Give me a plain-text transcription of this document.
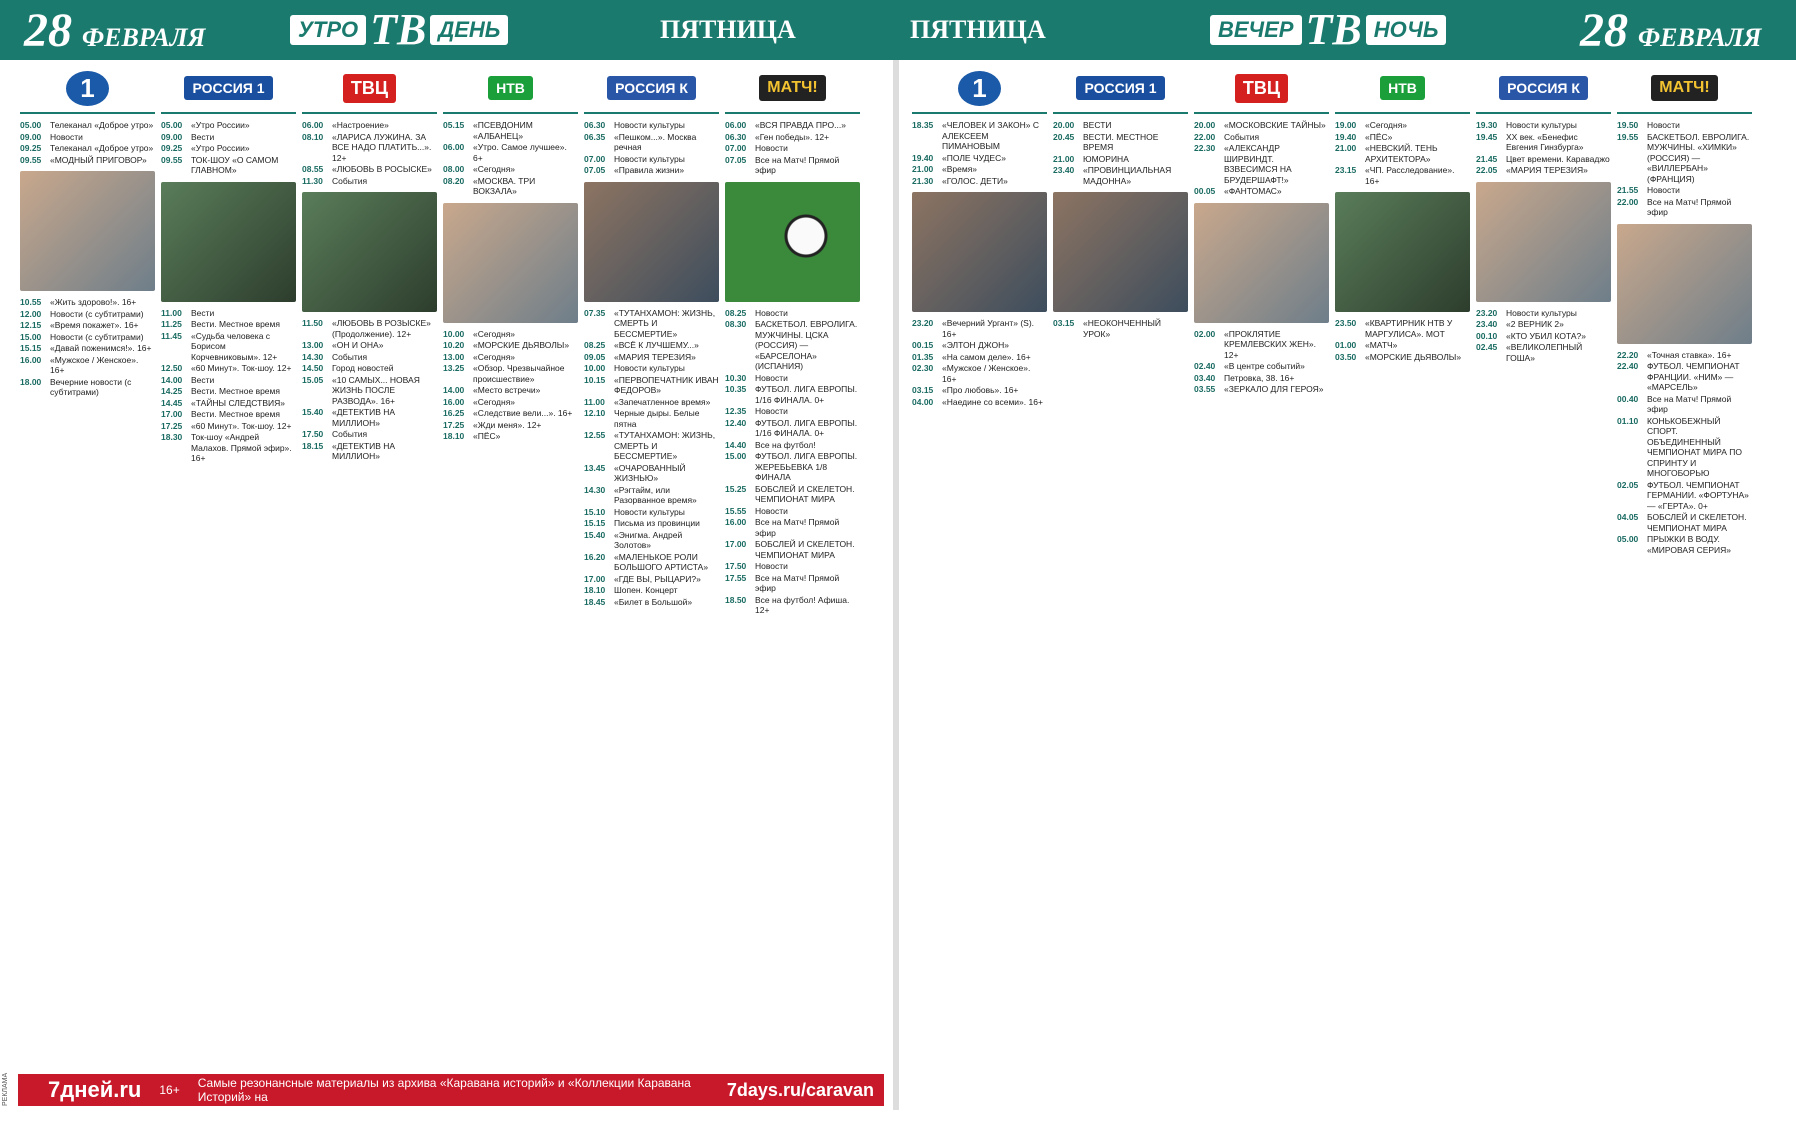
28 ФЕВРАЛЯ	УТРО ТВ ДЕНЬ	ПЯТНИЦА	ПЯТНИЦА	ВЕЧЕР ТВ НОЧЬ	28 ФЕВРАЛЯ
1
05.00	Телеканал «Доброе утро»
09.00	Новости
09.25	Телеканал «Доброе утро»
09.55	«МОДНЫЙ ПРИГОВОР»
10.55	«Жить здорово!». 16+
12.00	Новости (с субтитрами)
12.15	«Время покажет». 16+
15.00	Новости (с субтитрами)
15.15	«Давай поженимся!». 16+
16.00	«Мужское / Женское». 16+
18.00	Вечерние новости (с субтитрами)
РОССИЯ 1
05.00	«Утро России»
09.00	Вести
09.25	«Утро России»
09.55	ТОК-ШОУ «О САМОМ ГЛАВНОМ»
11.00	Вести
11.25	Вести. Местное время
11.45	«Судьба человека с Борисом Корчевниковым». 12+
12.50	«60 Минут». Ток-шоу. 12+
14.00	Вести
14.25	Вести. Местное время
14.45	«ТАЙНЫ СЛЕДСТВИЯ»
17.00	Вести. Местное время
17.25	«60 Минут». Ток-шоу. 12+
18.30	Ток-шоу «Андрей Малахов. Прямой эфир». 16+
ТВЦ
06.00	«Настроение»
08.10	«ЛАРИСА ЛУЖИНА. ЗА ВСЕ НАДО ПЛАТИТЬ...». 12+
08.55	«ЛЮБОВЬ В РОСЫСКЕ»
11.30	События
11.50	«ЛЮБОВЬ В РОЗЫСКЕ» (Продолжение). 12+
13.00	«ОН И ОНА»
14.30	События
14.50	Город новостей
15.05	«10 САМЫХ... НОВАЯ ЖИЗНЬ ПОСЛЕ РАЗВОДА». 16+
15.40	«ДЕТЕКТИВ НА МИЛЛИОН»
17.50	События
18.15	«ДЕТЕКТИВ НА МИЛЛИОН»
НТВ
05.15	«ПСЕВДОНИМ «АЛБАНЕЦ»
06.00	«Утро. Самое лучшее». 6+
08.00	«Сегодня»
08.20	«МОСКВА. ТРИ ВОКЗАЛА»
10.00	«Сегодня»
10.20	«МОРСКИЕ ДЬЯВОЛЫ»
13.00	«Сегодня»
13.25	«Обзор. Чрезвычайное происшествие»
14.00	«Место встречи»
16.00	«Сегодня»
16.25	«Следствие вели...». 16+
17.25	«Жди меня». 12+
18.10	«ПЁС»
РОССИЯ К
06.30	Новости культуры
06.35	«Пешком...». Москва речная
07.00	Новости культуры
07.05	«Правила жизни»
07.35	«ТУТАНХАМОН: ЖИЗНЬ, СМЕРТЬ И БЕССМЕРТИЕ»
08.25	«ВСЁ К ЛУЧШЕМУ...»
09.05	«МАРИЯ ТЕРЕЗИЯ»
10.00	Новости культуры
10.15	«ПЕРВОПЕЧАТНИК ИВАН ФЕДОРОВ»
11.00	«Запечатленное время»
12.10	Черные дыры. Белые пятна
12.55	«ТУТАНХАМОН: ЖИЗНЬ, СМЕРТЬ И БЕССМЕРТИЕ»
13.45	«ОЧАРОВАННЫЙ ЖИЗНЬЮ»
14.30	«Рэгтайм, или Разорванное время»
15.10	Новости культуры
15.15	Письма из провинции
15.40	«Энигма. Андрей Золотов»
16.20	«МАЛЕНЬКОЕ РОЛИ БОЛЬШОГО АРТИСТА»
17.00	«ГДЕ ВЫ, РЫЦАРИ?»
18.10	Шопен. Концерт
18.45	«Билет в Большой»
МАТЧ!
06.00	«ВСЯ ПРАВДА ПРО...»
06.30	«Ген победы». 12+
07.00	Новости
07.05	Все на Матч! Прямой эфир
08.25	Новости
08.30	БАСКЕТБОЛ. ЕВРОЛИГА. МУЖЧИНЫ. ЦСКА (РОССИЯ) — «БАРСЕЛОНА» (ИСПАНИЯ)
10.30	Новости
10.35	ФУТБОЛ. ЛИГА ЕВРОПЫ. 1/16 ФИНАЛА. 0+
12.35	Новости
12.40	ФУТБОЛ. ЛИГА ЕВРОПЫ. 1/16 ФИНАЛА. 0+
14.40	Все на футбол!
15.00	ФУТБОЛ. ЛИГА ЕВРОПЫ. ЖЕРЕБЬЕВКА 1/8 ФИНАЛА
15.25	БОБСЛЕЙ И СКЕЛЕТОН. ЧЕМПИОНАТ МИРА
15.55	Новости
16.00	Все на Матч! Прямой эфир
17.00	БОБСЛЕЙ И СКЕЛЕТОН. ЧЕМПИОНАТ МИРА
17.50	Новости
17.55	Все на Матч! Прямой эфир
18.50	Все на футбол! Афиша. 12+
1
18.35	«ЧЕЛОВЕК И ЗАКОН» С АЛЕКСЕЕМ ПИМАНОВЫМ
19.40	«ПОЛЕ ЧУДЕС»
21.00	«Время»
21.30	«ГОЛОС. ДЕТИ»
23.20	«Вечерний Ургант» (S). 16+
00.15	«ЭЛТОН ДЖОН»
01.35	«На самом деле». 16+
02.30	«Мужское / Женское». 16+
03.15	«Про любовь». 16+
04.00	«Наедине со всеми». 16+
РОССИЯ 1
20.00	ВЕСТИ
20.45	ВЕСТИ. МЕСТНОЕ ВРЕМЯ
21.00	ЮМОРИНА
23.40	«ПРОВИНЦИАЛЬНАЯ МАДОННА»
03.15	«НЕОКОНЧЕННЫЙ УРОК»
ТВЦ
20.00	«МОСКОВСКИЕ ТАЙНЫ»
22.00	События
22.30	«АЛЕКСАНДР ШИРВИНДТ. ВЗВЕСИМСЯ НА БРУДЕРШАФТ!»
00.05	«ФАНТОМАС»
02.00	«ПРОКЛЯТИЕ КРЕМЛЕВСКИХ ЖЕН». 12+
02.40	«В центре событий»
03.40	Петровка, 38. 16+
03.55	«ЗЕРКАЛО ДЛЯ ГЕРОЯ»
НТВ
19.00	«Сегодня»
19.40	«ПЁС»
21.00	«НЕВСКИЙ. ТЕНЬ АРХИТЕКТОРА»
23.15	«ЧП. Расследование». 16+
23.50	«КВАРТИРНИК НТВ У МАРГУЛИСА». МОТ
01.00	«МАТЧ»
03.50	«МОРСКИЕ ДЬЯВОЛЫ»
РОССИЯ К
19.30	Новости культуры
19.45	ХХ век. «Бенефис Евгения Гинзбурга»
21.45	Цвет времени. Караваджо
22.05	«МАРИЯ ТЕРЕЗИЯ»
23.20	Новости культуры
23.40	«2 ВЕРНИК 2»
00.10	«КТО УБИЛ КОТА?»
02.45	«ВЕЛИКОЛЕПНЫЙ ГОША»
МАТЧ!
19.50	Новости
19.55	БАСКЕТБОЛ. ЕВРОЛИГА. МУЖЧИНЫ. «ХИМКИ» (РОССИЯ) — «ВИЛЛЕРБАН» (ФРАНЦИЯ)
21.55	Новости
22.00	Все на Матч! Прямой эфир
22.20	«Точная ставка». 16+
22.40	ФУТБОЛ. ЧЕМПИОНАТ ФРАНЦИИ. «НИМ» — «МАРСЕЛЬ»
00.40	Все на Матч! Прямой эфир
01.10	КОНЬКОБЕЖНЫЙ СПОРТ. ОБЪЕДИНЕННЫЙ ЧЕМПИОНАТ МИРА ПО СПРИНТУ И МНОГОБОРЬЮ
02.05	ФУТБОЛ. ЧЕМПИОНАТ ГЕРМАНИИ. «ФОРТУНА» — «ГЕРТА». 0+
04.05	БОБСЛЕЙ И СКЕЛЕТОН. ЧЕМПИОНАТ МИРА
05.00	ПРЫЖКИ В ВОДУ. «МИРОВАЯ СЕРИЯ»
РЕКЛАМА	7дней.ru 16+ Самые резонансные материалы из архива «Каравана историй» и «Коллекции Каравана Историй» на	7days.ru/caravan
